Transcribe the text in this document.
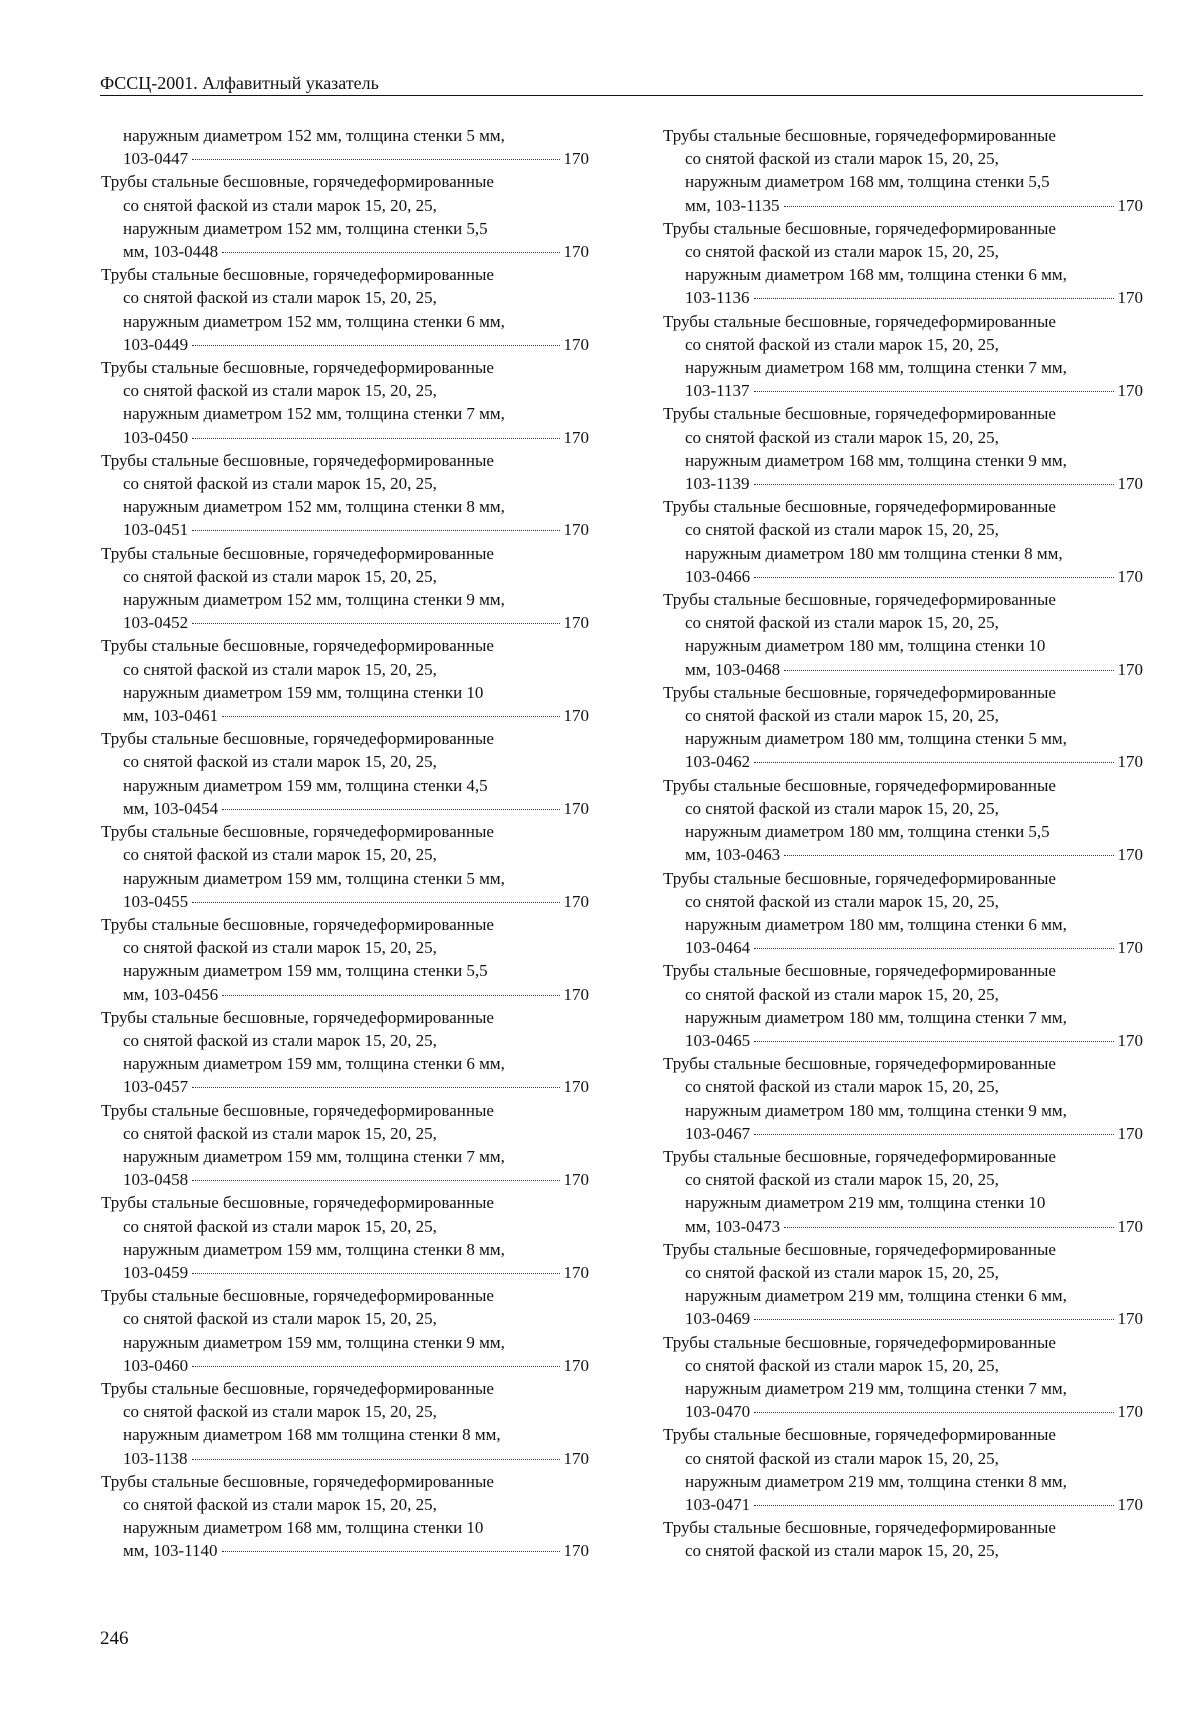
ФССЦ-2001. Алфавитный указатель
наружным диаметром 152 мм, толщина стенки 5 мм,
103-0447	170
Трубы стальные бесшовные, горячедеформированные
со снятой фаской из стали марок 15, 20, 25,
наружным диаметром 152 мм, толщина стенки 5,5
мм, 103-0448	170
Трубы стальные бесшовные, горячедеформированные
со снятой фаской из стали марок 15, 20, 25,
наружным диаметром 152 мм, толщина стенки 6 мм,
103-0449	170
Трубы стальные бесшовные, горячедеформированные
со снятой фаской из стали марок 15, 20, 25,
наружным диаметром 152 мм, толщина стенки 7 мм,
103-0450	170
Трубы стальные бесшовные, горячедеформированные
со снятой фаской из стали марок 15, 20, 25,
наружным диаметром 152 мм, толщина стенки 8 мм,
103-0451	170
Трубы стальные бесшовные, горячедеформированные
со снятой фаской из стали марок 15, 20, 25,
наружным диаметром 152 мм, толщина стенки 9 мм,
103-0452	170
Трубы стальные бесшовные, горячедеформированные
со снятой фаской из стали марок 15, 20, 25,
наружным диаметром 159 мм, толщина стенки 10
мм, 103-0461	170
Трубы стальные бесшовные, горячедеформированные
со снятой фаской из стали марок 15, 20, 25,
наружным диаметром 159 мм, толщина стенки 4,5
мм, 103-0454	170
Трубы стальные бесшовные, горячедеформированные
со снятой фаской из стали марок 15, 20, 25,
наружным диаметром 159 мм, толщина стенки 5 мм,
103-0455	170
Трубы стальные бесшовные, горячедеформированные
со снятой фаской из стали марок 15, 20, 25,
наружным диаметром 159 мм, толщина стенки 5,5
мм, 103-0456	170
Трубы стальные бесшовные, горячедеформированные
со снятой фаской из стали марок 15, 20, 25,
наружным диаметром 159 мм, толщина стенки 6 мм,
103-0457	170
Трубы стальные бесшовные, горячедеформированные
со снятой фаской из стали марок 15, 20, 25,
наружным диаметром 159 мм, толщина стенки 7 мм,
103-0458	170
Трубы стальные бесшовные, горячедеформированные
со снятой фаской из стали марок 15, 20, 25,
наружным диаметром 159 мм, толщина стенки 8 мм,
103-0459	170
Трубы стальные бесшовные, горячедеформированные
со снятой фаской из стали марок 15, 20, 25,
наружным диаметром 159 мм, толщина стенки 9 мм,
103-0460	170
Трубы стальные бесшовные, горячедеформированные
со снятой фаской из стали марок 15, 20, 25,
наружным диаметром 168 мм толщина стенки 8 мм,
103-1138	170
Трубы стальные бесшовные, горячедеформированные
со снятой фаской из стали марок 15, 20, 25,
наружным диаметром 168 мм, толщина стенки 10
мм, 103-1140	170
Трубы стальные бесшовные, горячедеформированные
со снятой фаской из стали марок 15, 20, 25,
наружным диаметром 168 мм, толщина стенки 5,5
мм, 103-1135	170
Трубы стальные бесшовные, горячедеформированные
со снятой фаской из стали марок 15, 20, 25,
наружным диаметром 168 мм, толщина стенки 6 мм,
103-1136	170
Трубы стальные бесшовные, горячедеформированные
со снятой фаской из стали марок 15, 20, 25,
наружным диаметром 168 мм, толщина стенки 7 мм,
103-1137	170
Трубы стальные бесшовные, горячедеформированные
со снятой фаской из стали марок 15, 20, 25,
наружным диаметром 168 мм, толщина стенки 9 мм,
103-1139	170
Трубы стальные бесшовные, горячедеформированные
со снятой фаской из стали марок 15, 20, 25,
наружным диаметром 180 мм толщина стенки 8 мм,
103-0466	170
Трубы стальные бесшовные, горячедеформированные
со снятой фаской из стали марок 15, 20, 25,
наружным диаметром 180 мм, толщина стенки 10
мм, 103-0468	170
Трубы стальные бесшовные, горячедеформированные
со снятой фаской из стали марок 15, 20, 25,
наружным диаметром 180 мм, толщина стенки 5 мм,
103-0462	170
Трубы стальные бесшовные, горячедеформированные
со снятой фаской из стали марок 15, 20, 25,
наружным диаметром 180 мм, толщина стенки 5,5
мм, 103-0463	170
Трубы стальные бесшовные, горячедеформированные
со снятой фаской из стали марок 15, 20, 25,
наружным диаметром 180 мм, толщина стенки 6 мм,
103-0464	170
Трубы стальные бесшовные, горячедеформированные
со снятой фаской из стали марок 15, 20, 25,
наружным диаметром 180 мм, толщина стенки 7 мм,
103-0465	170
Трубы стальные бесшовные, горячедеформированные
со снятой фаской из стали марок 15, 20, 25,
наружным диаметром 180 мм, толщина стенки 9 мм,
103-0467	170
Трубы стальные бесшовные, горячедеформированные
со снятой фаской из стали марок 15, 20, 25,
наружным диаметром 219 мм, толщина стенки 10
мм, 103-0473	170
Трубы стальные бесшовные, горячедеформированные
со снятой фаской из стали марок 15, 20, 25,
наружным диаметром 219 мм, толщина стенки 6 мм,
103-0469	170
Трубы стальные бесшовные, горячедеформированные
со снятой фаской из стали марок 15, 20, 25,
наружным диаметром 219 мм, толщина стенки 7 мм,
103-0470	170
Трубы стальные бесшовные, горячедеформированные
со снятой фаской из стали марок 15, 20, 25,
наружным диаметром 219 мм, толщина стенки 8 мм,
103-0471	170
Трубы стальные бесшовные, горячедеформированные
со снятой фаской из стали марок 15, 20, 25,
246
